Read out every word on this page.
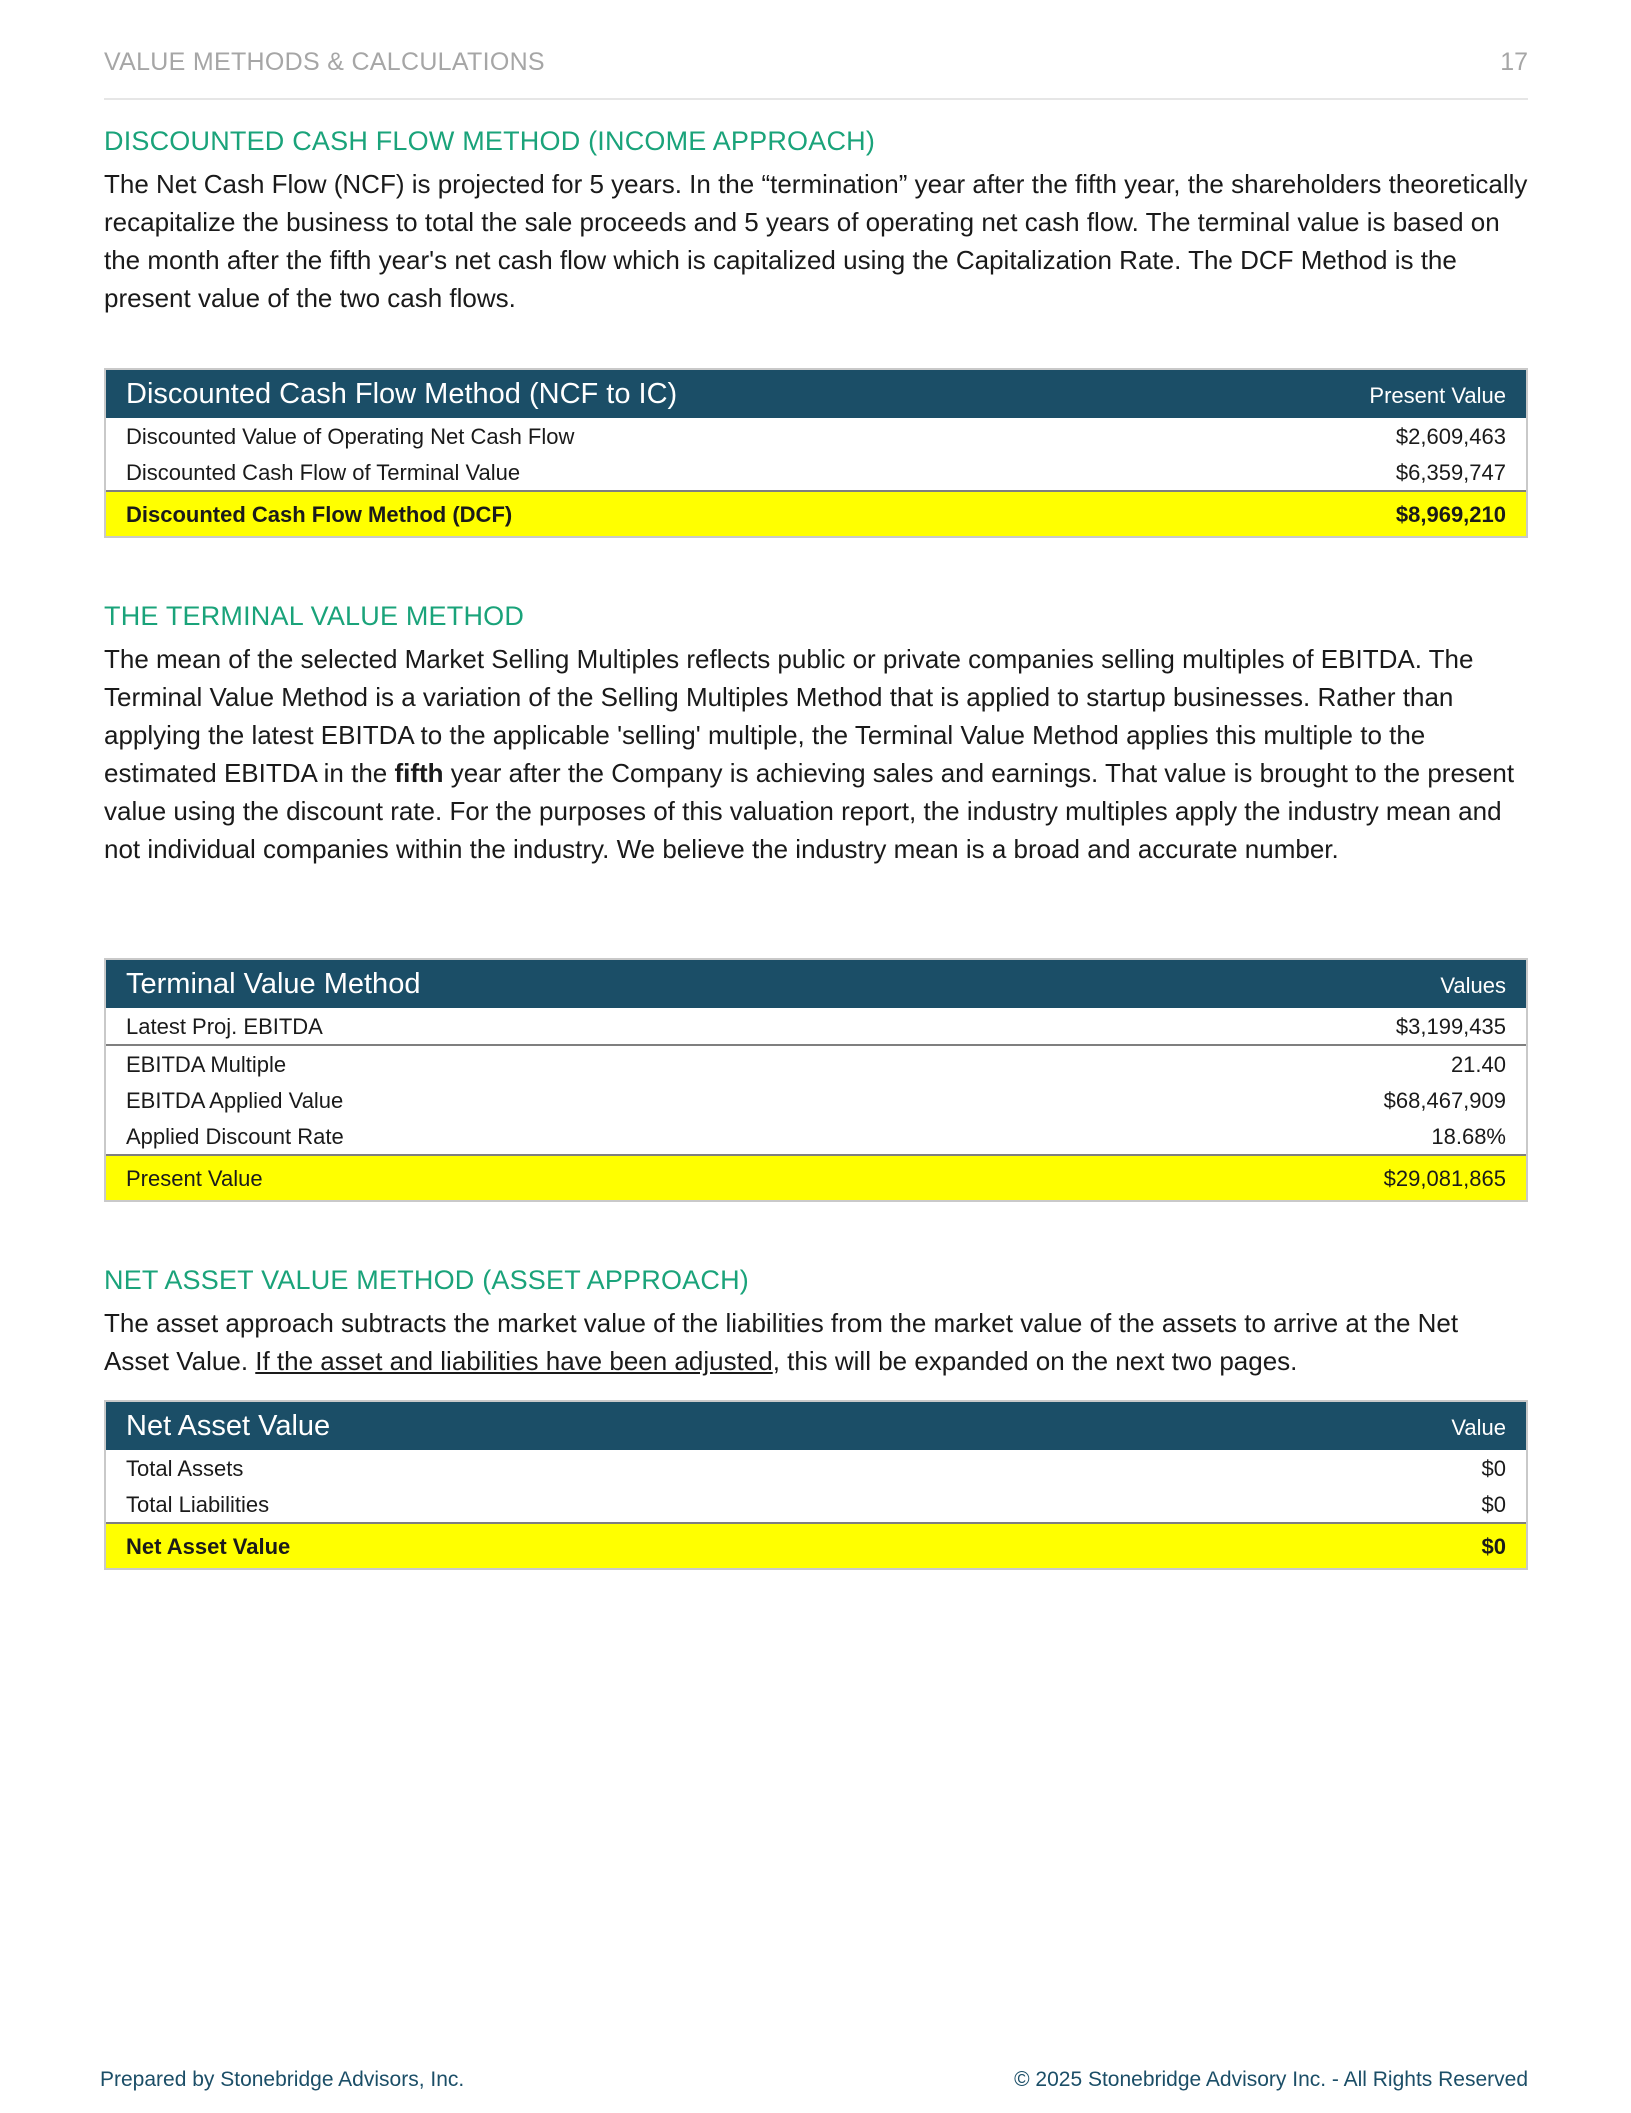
VALUE METHODS & CALCULATIONS	17
DISCOUNTED CASH FLOW METHOD (INCOME APPROACH)

The Net Cash Flow (NCF) is projected for 5 years. In the “termination” year after the fifth year, the shareholders theoretically recapitalize the business to total the sale proceeds and 5 years of operating net cash flow. The terminal value is based on the month after the fifth year's net cash flow which is capitalized using the Capitalization Rate. The DCF Method is the present value of the two cash flows.

Discounted Cash Flow Method (NCF to IC)	Present Value
Discounted Value of Operating Net Cash Flow	$2,609,463
Discounted Cash Flow of Terminal Value	$6,359,747
Discounted Cash Flow Method (DCF)	$8,969,210
THE TERMINAL VALUE METHOD

The mean of the selected Market Selling Multiples reflects public or private companies selling multiples of EBITDA. The Terminal Value Method is a variation of the Selling Multiples Method that is applied to startup businesses. Rather than applying the latest EBITDA to the applicable 'selling' multiple, the Terminal Value Method applies this multiple to the estimated EBITDA in the fifth year after the Company is achieving sales and earnings. That value is brought to the present value using the discount rate. For the purposes of this valuation report, the industry multiples apply the industry mean and not individual companies within the industry. We believe the industry mean is a broad and accurate number.

Terminal Value Method	Values
Latest Proj. EBITDA	$3,199,435
EBITDA Multiple	21.40
EBITDA Applied Value	$68,467,909
Applied Discount Rate	18.68%
Present Value	$29,081,865
NET ASSET VALUE METHOD (ASSET APPROACH)

The asset approach subtracts the market value of the liabilities from the market value of the assets to arrive at the Net Asset Value. If the asset and liabilities have been adjusted, this will be expanded on the next two pages.

Net Asset Value	Value
Total Assets	$0
Total Liabilities	$0
Net Asset Value	$0
Prepared by Stonebridge Advisors, Inc.	© 2025 Stonebridge Advisory Inc. - All Rights Reserved
